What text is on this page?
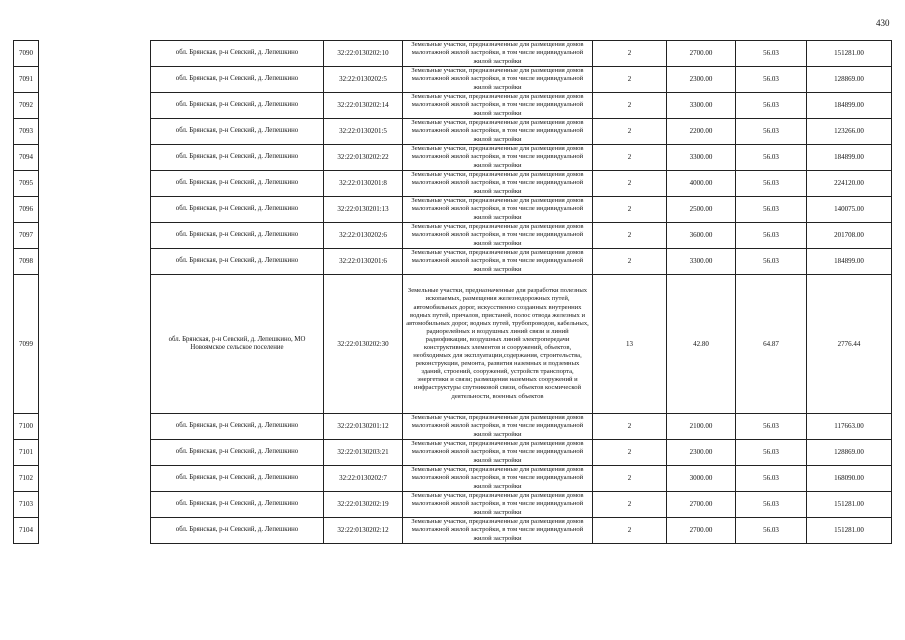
430
7090		обл. Брянская, р-н Севский, д. Лепешкино	32:22:0130202:10	Земельные участки, предназначенные для размещения домов малоэтажной жилой застройки, в том числе индивидуальной жилой застройки	2	2700.00	56.03	151281.00
7091		обл. Брянская, р-н Севский, д. Лепешкино	32:22:0130202:5	Земельные участки, предназначенные для размещения домов малоэтажной жилой застройки, в том числе индивидуальной жилой застройки	2	2300.00	56.03	128869.00
7092		обл. Брянская, р-н Севский, д. Лепешкино	32:22:0130202:14	Земельные участки, предназначенные для размещения домов малоэтажной жилой застройки, в том числе индивидуальной жилой застройки	2	3300.00	56.03	184899.00
7093		обл. Брянская, р-н Севский, д. Лепешкино	32:22:0130201:5	Земельные участки, предназначенные для размещения домов малоэтажной жилой застройки, в том числе индивидуальной жилой застройки	2	2200.00	56.03	123266.00
7094		обл. Брянская, р-н Севский, д. Лепешкино	32:22:0130202:22	Земельные участки, предназначенные для размещения домов малоэтажной жилой застройки, в том числе индивидуальной жилой застройки	2	3300.00	56.03	184899.00
7095		обл. Брянская, р-н Севский, д. Лепешкино	32:22:0130201:8	Земельные участки, предназначенные для размещения домов малоэтажной жилой застройки, в том числе индивидуальной жилой застройки	2	4000.00	56.03	224120.00
7096		обл. Брянская, р-н Севский, д. Лепешкино	32:22:0130201:13	Земельные участки, предназначенные для размещения домов малоэтажной жилой застройки, в том числе индивидуальной жилой застройки	2	2500.00	56.03	140075.00
7097		обл. Брянская, р-н Севский, д. Лепешкино	32:22:0130202:6	Земельные участки, предназначенные для размещения домов малоэтажной жилой застройки, в том числе индивидуальной жилой застройки	2	3600.00	56.03	201708.00
7098		обл. Брянская, р-н Севский, д. Лепешкино	32:22:0130201:6	Земельные участки, предназначенные для размещения домов малоэтажной жилой застройки, в том числе индивидуальной жилой застройки	2	3300.00	56.03	184899.00
7099		обл. Брянская, р-н Севский, д. Лепешкино, МО Новоямское сельское поселение	32:22:0130202:30	Земельные участки, предназначенные для разработки полезных ископаемых, размещения железнодорожных путей, автомобильных дорог, искусственно созданных внутренних водных путей, причалов, пристаней, полос отвода железных и автомобильных дорог, водных путей, трубопроводов, кабельных, радиорелейных и воздушных линий связи и линий радиофикации, воздушных линий электропередачи конструктивных элементов и сооружений, объектов, необходимых для эксплуатации,содержания, строительства, реконструкции, ремонта, развития наземных и подземных зданий, строений, сооружений, устройств транспорта, энергетики и связи; размещения наземных сооружений и инфраструктуры спутниковой связи, объектов космической деятельности, военных объектов	13	42.80	64.87	2776.44
7100		обл. Брянская, р-н Севский, д. Лепешкино	32:22:0130201:12	Земельные участки, предназначенные для размещения домов малоэтажной жилой застройки, в том числе индивидуальной жилой застройки	2	2100.00	56.03	117663.00
7101		обл. Брянская, р-н Севский, д. Лепешкино	32:22:0130203:21	Земельные участки, предназначенные для размещения домов малоэтажной жилой застройки, в том числе индивидуальной жилой застройки	2	2300.00	56.03	128869.00
7102		обл. Брянская, р-н Севский, д. Лепешкино	32:22:0130202:7	Земельные участки, предназначенные для размещения домов малоэтажной жилой застройки, в том числе индивидуальной жилой застройки	2	3000.00	56.03	168090.00
7103		обл. Брянская, р-н Севский, д. Лепешкино	32:22:0130202:19	Земельные участки, предназначенные для размещения домов малоэтажной жилой застройки, в том числе индивидуальной жилой застройки	2	2700.00	56.03	151281.00
7104		обл. Брянская, р-н Севский, д. Лепешкино	32:22:0130202:12	Земельные участки, предназначенные для размещения домов малоэтажной жилой застройки, в том числе индивидуальной жилой застройки	2	2700.00	56.03	151281.00
